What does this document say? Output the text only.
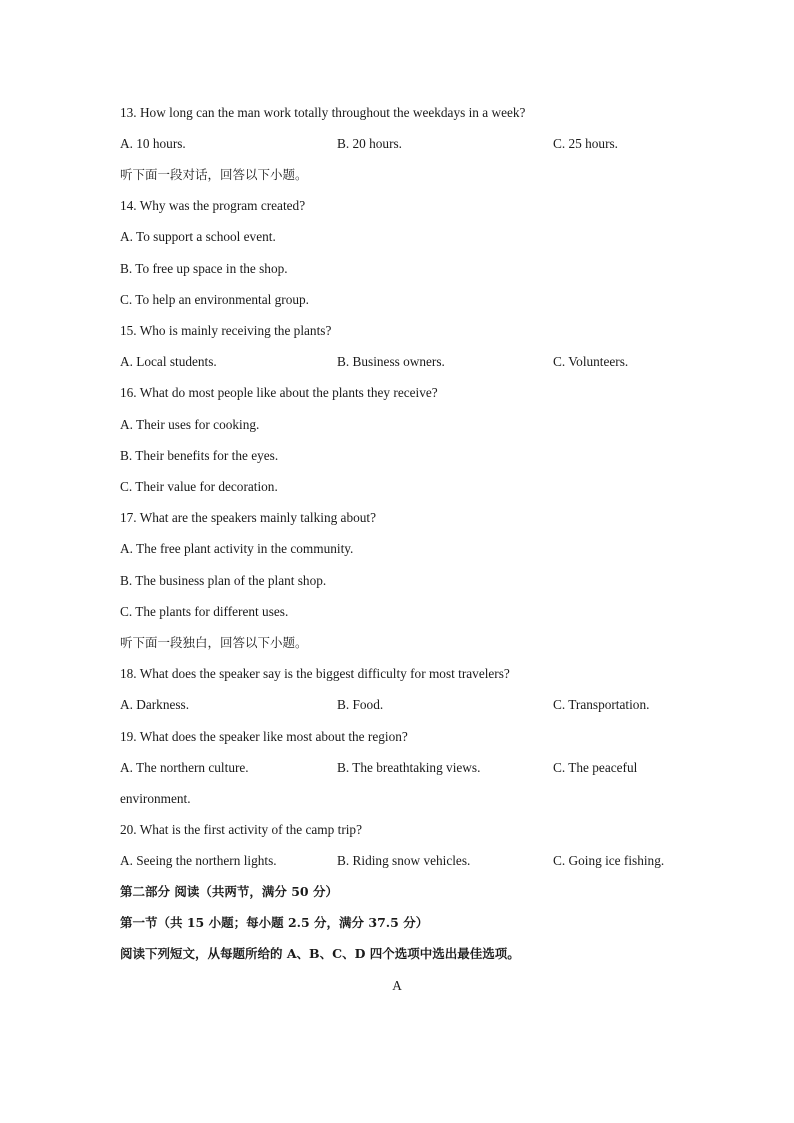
13. How long can the man work totally throughout the weekdays in a week?
A. 10 hours.	B. 20 hours.	C. 25 hours.
听下面一段对话，回答以下小题。
14. Why was the program created?
A. To support a school event.
B. To free up space in the shop.
C. To help an environmental group.
15. Who is mainly receiving the plants?
A. Local students.	B. Business owners.	C. Volunteers.
16. What do most people like about the plants they receive?
A. Their uses for cooking.
B. Their benefits for the eyes.
C. Their value for decoration.
17. What are the speakers mainly talking about?
A. The free plant activity in the community.
B. The business plan of the plant shop.
C. The plants for different uses.
听下面一段独白，回答以下小题。
18. What does the speaker say is the biggest difficulty for most travelers?
A. Darkness.	B. Food.	C. Transportation.
19. What does the speaker like most about the region?
A. The northern culture.	B. The breathtaking views.	C. The peaceful
environment.
20. What is the first activity of the camp trip?
A. Seeing the northern lights.	B. Riding snow vehicles.	C. Going ice fishing.
第二部分 阅读（共两节，满分 50 分）
第一节（共 15 小题；每小题 2.5 分，满分 37.5 分）
阅读下列短文，从每题所给的 A、B、C、D 四个选项中选出最佳选项。
A
